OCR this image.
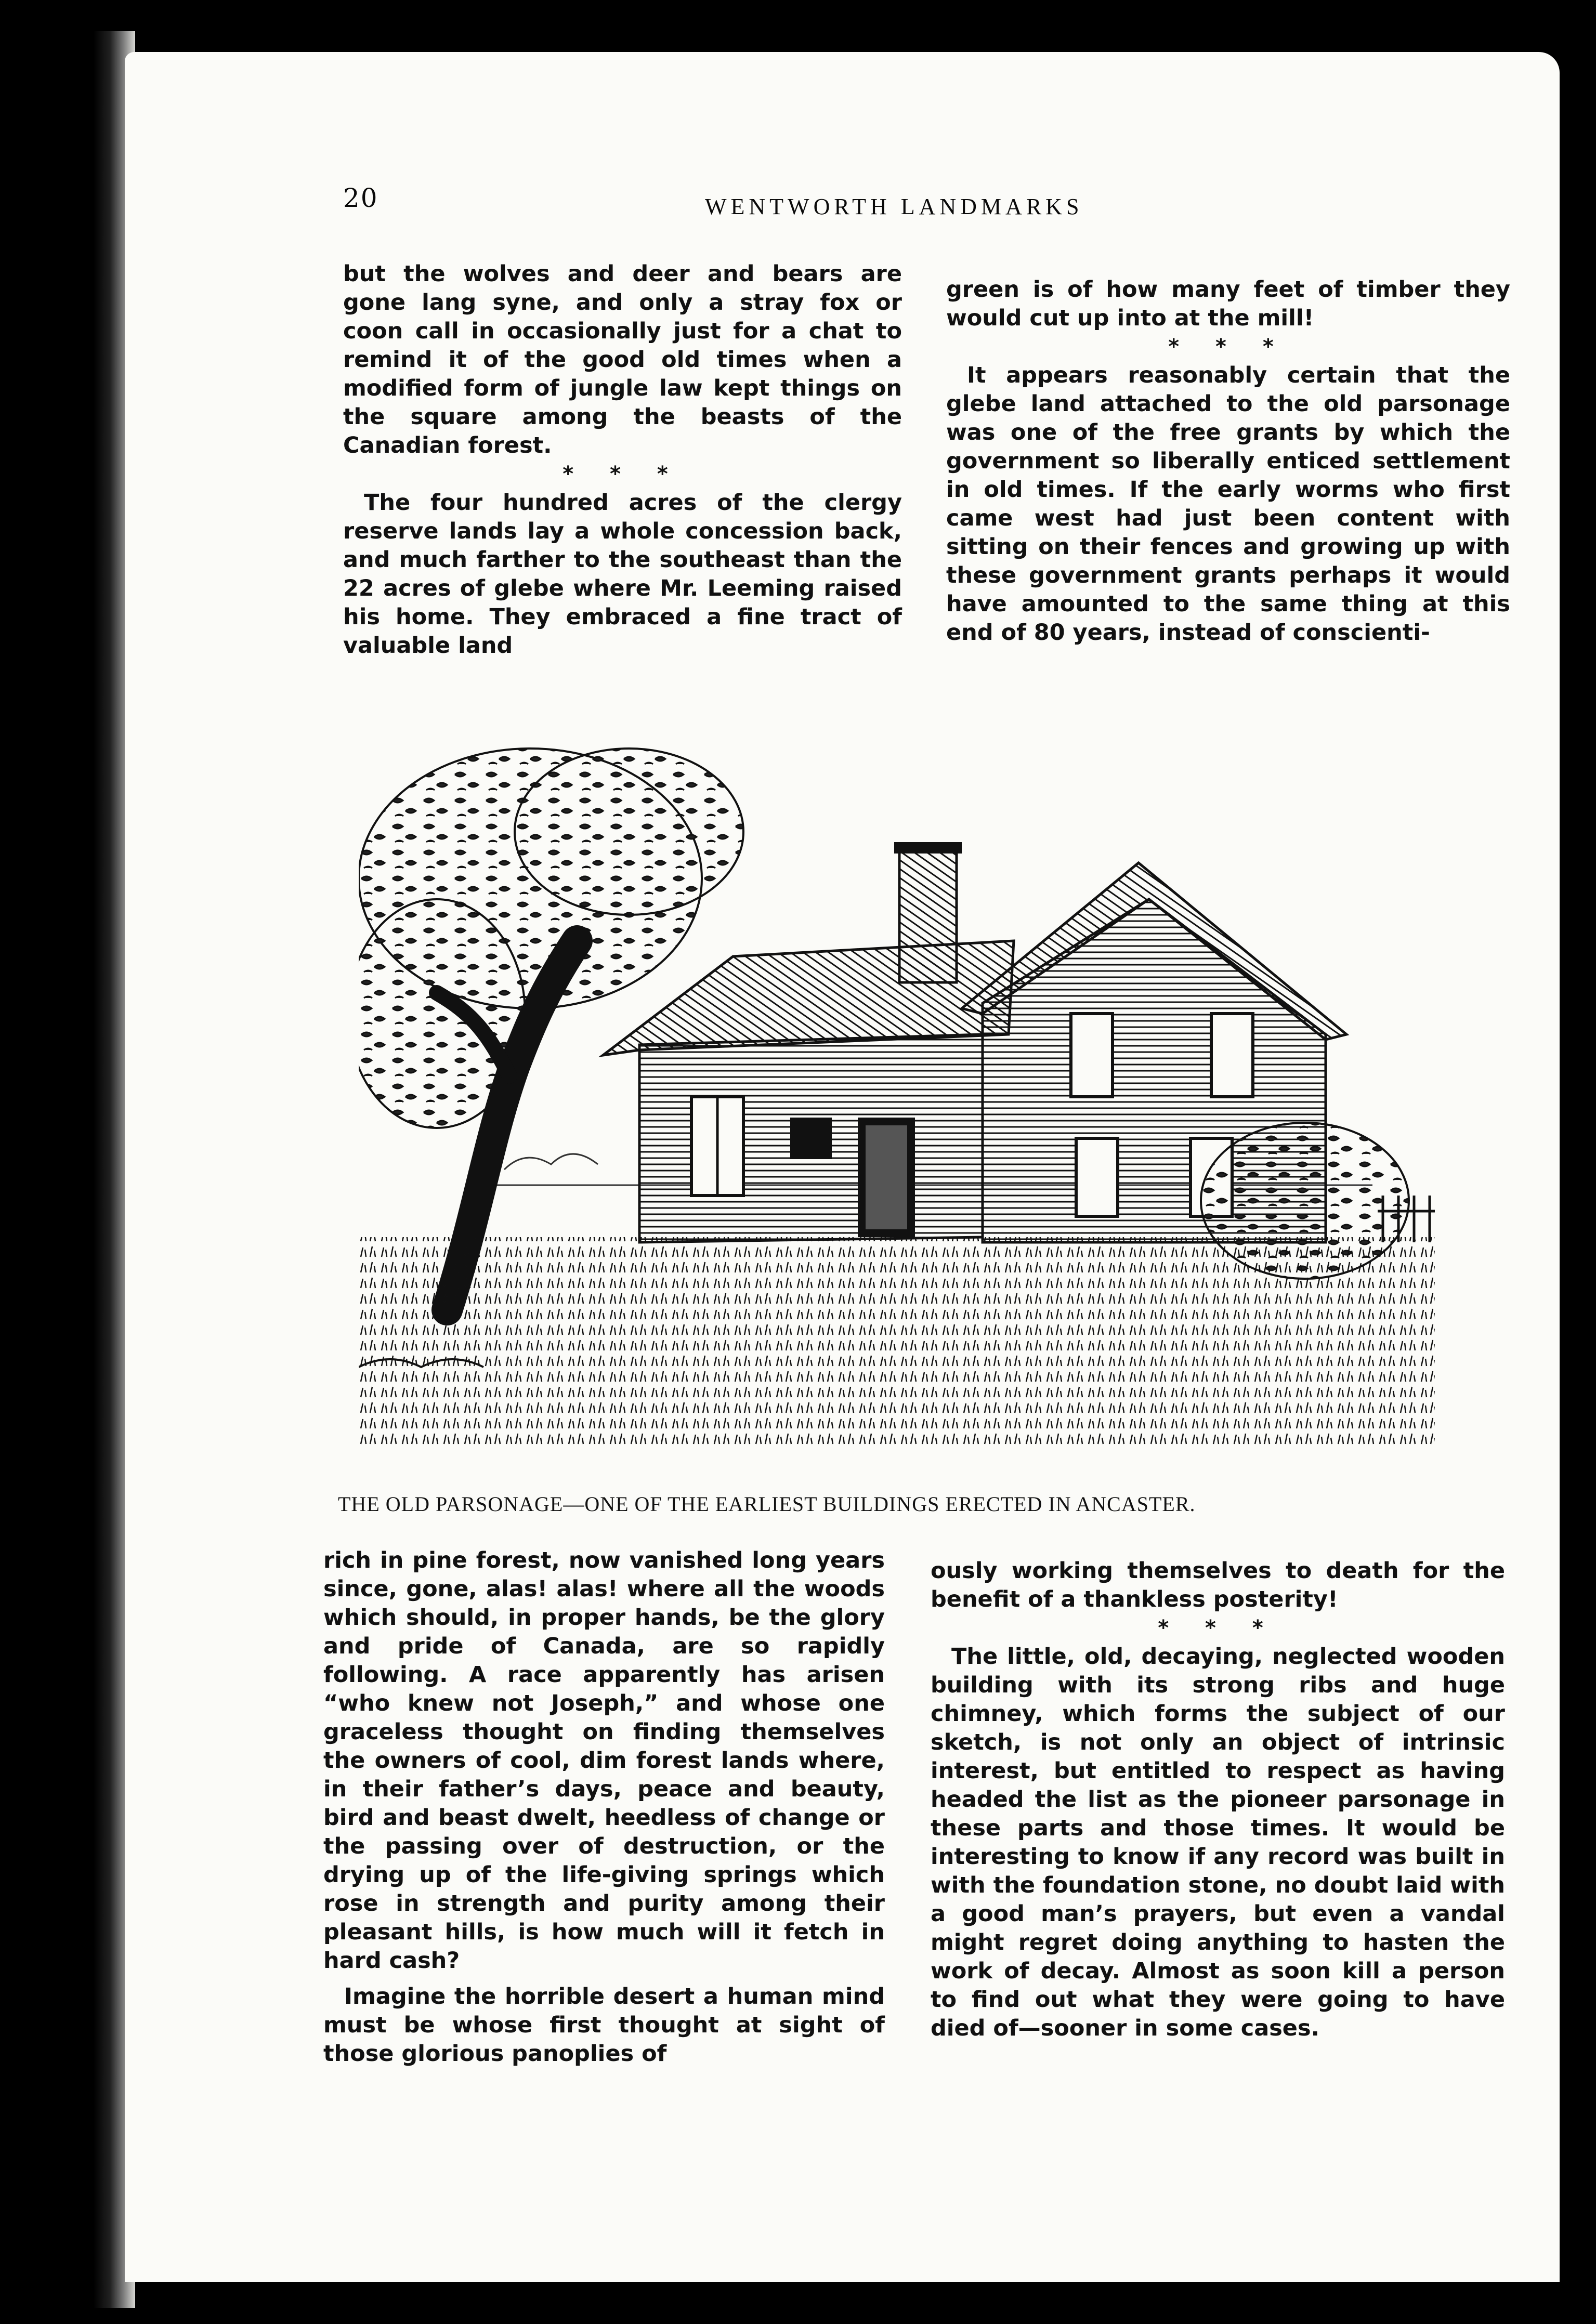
20	WENTWORTH LANDMARKS

but the wolves and deer and bears are gone lang syne, and only a stray fox or coon call in occasionally just for a chat to remind it of the good old times when a modified form of jungle law kept things on the square among the beasts of the Canadian forest.

* * *

The four hundred acres of the clergy reserve lands lay a whole concession back, and much farther to the southeast than the 22 acres of glebe where Mr. Leeming raised his home. They embraced a fine tract of valuable land

green is of how many feet of timber they would cut up into at the mill!

* * *

It appears reasonably certain that the glebe land attached to the old parsonage was one of the free grants by which the government so liberally enticed settlement in old times. If the early worms who first came west had just been content with sitting on their fences and growing up with these government grants perhaps it would have amounted to the same thing at this end of 80 years, instead of conscienti-

THE OLD PARSONAGE—ONE OF THE EARLIEST BUILDINGS ERECTED IN ANCASTER.

rich in pine forest, now vanished long years since, gone, alas! alas! where all the woods which should, in proper hands, be the glory and pride of Canada, are so rapidly following. A race apparently has arisen “who knew not Joseph,” and whose one graceless thought on finding themselves the owners of cool, dim forest lands where, in their father’s days, peace and beauty, bird and beast dwelt, heedless of change or the passing over of destruction, or the drying up of the life-giving springs which rose in strength and purity among their pleasant hills, is how much will it fetch in hard cash?

Imagine the horrible desert a human mind must be whose first thought at sight of those glorious panoplies of

ously working themselves to death for the benefit of a thankless posterity!

* * *

The little, old, decaying, neglected wooden building with its strong ribs and huge chimney, which forms the subject of our sketch, is not only an object of intrinsic interest, but entitled to respect as having headed the list as the pioneer parsonage in these parts and those times. It would be interesting to know if any record was built in with the foundation stone, no doubt laid with a good man’s prayers, but even a vandal might regret doing anything to hasten the work of decay. Almost as soon kill a person to find out what they were going to have died of—sooner in some cases.
